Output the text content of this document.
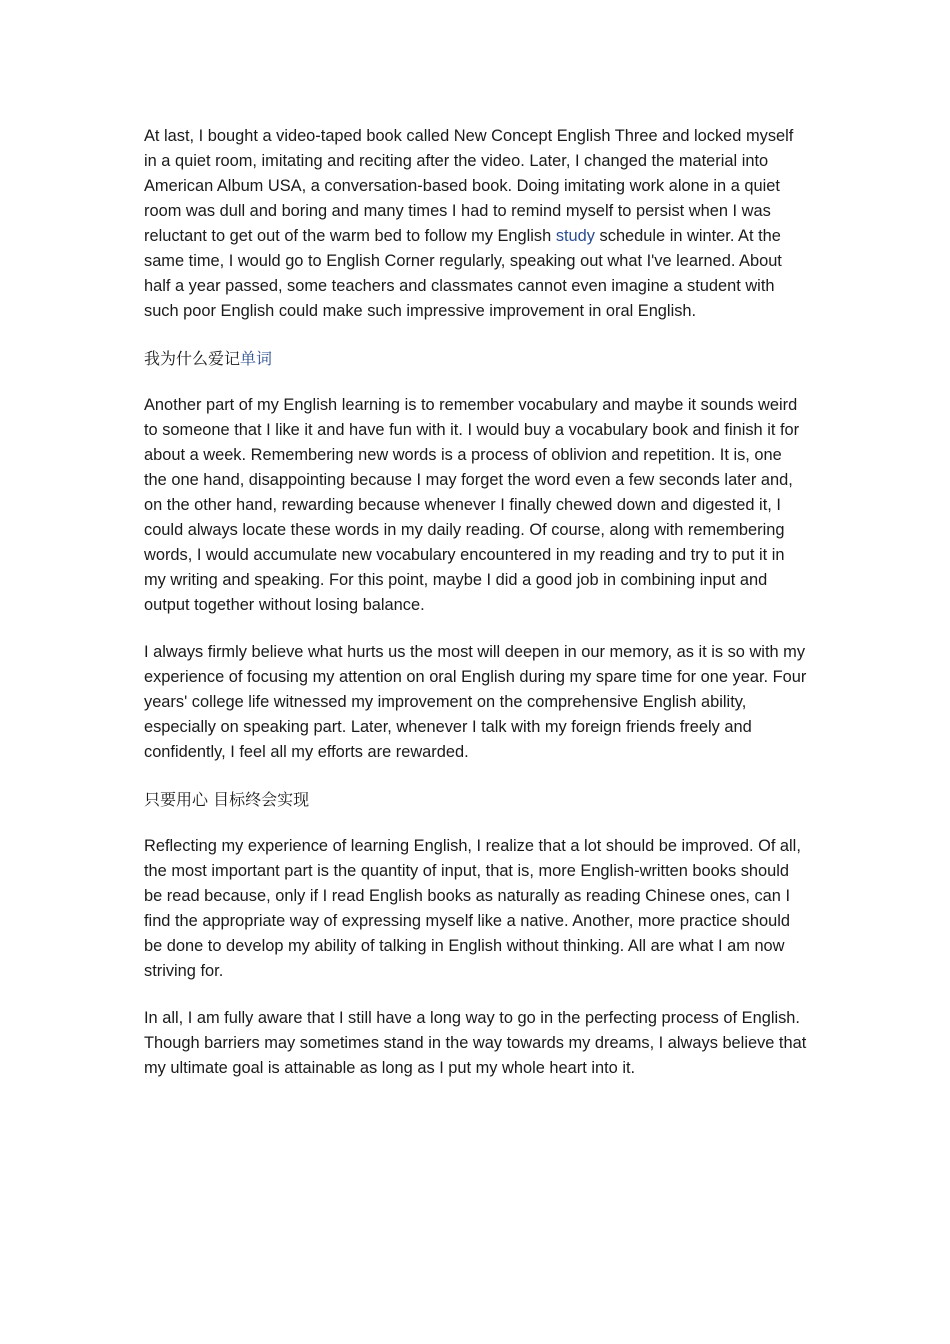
At last, I bought a video-taped book called New Concept English Three and locked myself in a quiet room, imitating and reciting after the video. Later, I changed the material into American Album USA, a conversation-based book. Doing imitating work alone in a quiet room was dull and boring and many times I had to remind myself to persist when I was reluctant to get out of the warm bed to follow my English study schedule in winter. At the same time, I would go to English Corner regularly, speaking out what I've learned. About half a year passed, some teachers and classmates cannot even imagine a student with such poor English could make such impressive improvement in oral English.

我为什么爱记单词

Another part of my English learning is to remember vocabulary and maybe it sounds weird to someone that I like it and have fun with it. I would buy a vocabulary book and finish it for about a week. Remembering new words is a process of oblivion and repetition. It is, one the one hand, disappointing because I may forget the word even a few seconds later and, on the other hand, rewarding because whenever I finally chewed down and digested it, I could always locate these words in my daily reading. Of course, along with remembering words, I would accumulate new vocabulary encountered in my reading and try to put it in my writing and speaking. For this point, maybe I did a good job in combining input and output together without losing balance.

I always firmly believe what hurts us the most will deepen in our memory, as it is so with my experience of focusing my attention on oral English during my spare time for one year. Four years' college life witnessed my improvement on the comprehensive English ability, especially on speaking part. Later, whenever I talk with my foreign friends freely and confidently, I feel all my efforts are rewarded.

只要用心 目标终会实现

Reflecting my experience of learning English, I realize that a lot should be improved. Of all, the most important part is the quantity of input, that is, more English-written books should be read because, only if I read English books as naturally as reading Chinese ones, can I find the appropriate way of expressing myself like a native. Another, more practice should be done to develop my ability of talking in English without thinking. All are what I am now striving for.

In all, I am fully aware that I still have a long way to go in the perfecting process of English. Though barriers may sometimes stand in the way towards my dreams, I always believe that my ultimate goal is attainable as long as I put my whole heart into it.
